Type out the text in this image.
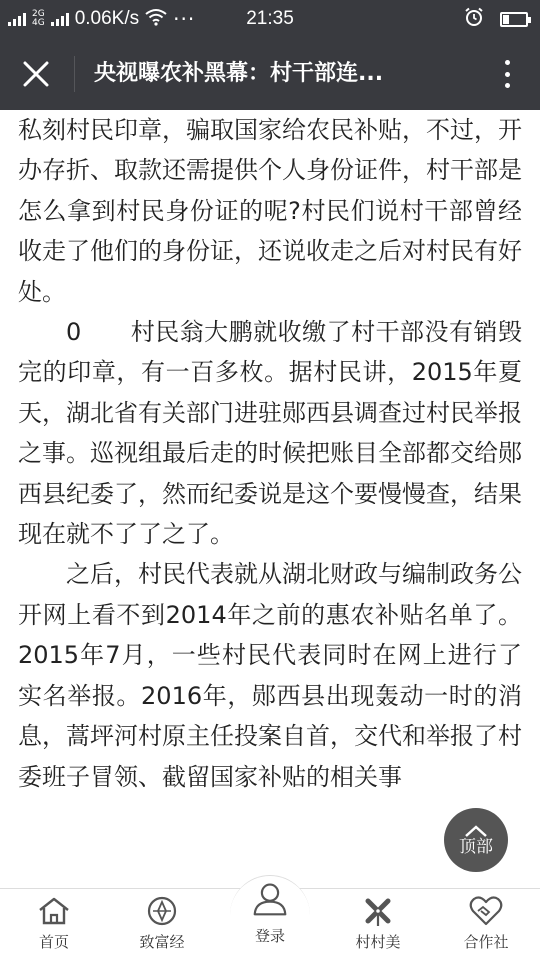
2G
4G 0.06K/s ···	21:35
央视曝农补黑幕：村干部连...

私刻村民印章，骗取国家给农民补贴，不过，开办存折、取款还需提供个人身份证件，村干部是怎么拿到村民身份证的呢?村民们说村干部曾经收走了他们的身份证，还说收走之后对村民有好处。

0　　村民翁大鹏就收缴了村干部没有销毁完的印章，有一百多枚。据村民讲，2015年夏天，湖北省有关部门进驻郧西县调查过村民举报之事。巡视组最后走的时候把账目全部都交给郧西县纪委了，然而纪委说是这个要慢慢查，结果现在就不了了之了。

之后，村民代表就从湖北财政与编制政务公开网上看不到2014年之前的惠农补贴名单了。2015年7月，一些村民代表同时在网上进行了实名举报。2016年，郧西县出现轰动一时的消息，蒿坪河村原主任投案自首，交代和举报了村委班子冒领、截留国家补贴的相关事

顶部
首页	致富经	登录	村村美	合作社
